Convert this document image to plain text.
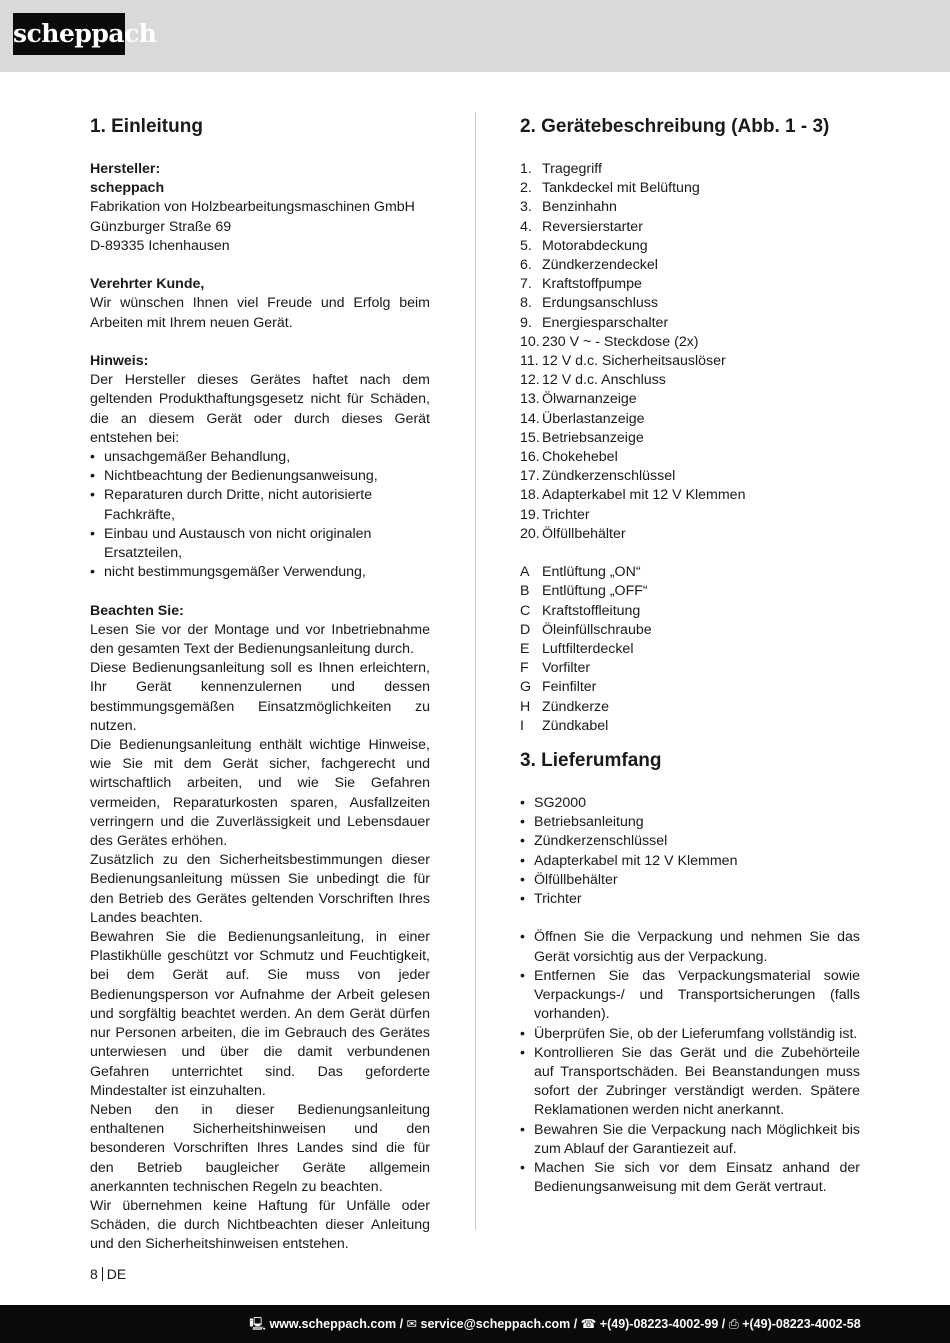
scheppach
1. Einleitung

Hersteller:

scheppach

Fabrikation von Holzbearbeitungsmaschinen GmbH

Günzburger Straße 69

D-89335 Ichenhausen

Verehrter Kunde,

Wir wünschen Ihnen viel Freude und Erfolg beim Arbeiten mit Ihrem neuen Gerät.

Hinweis:

Der Hersteller dieses Gerätes haftet nach dem geltenden Produkthaftungsgesetz nicht für Schäden, die an diesem Gerät oder durch dieses Gerät entstehen bei:

• unsachgemäßer Behandlung,
• Nichtbeachtung der Bedienungsanweisung,
• Reparaturen durch Dritte, nicht autorisierte Fachkräfte,
• Einbau und Austausch von nicht originalen Ersatzteilen,
• nicht bestimmungsgemäßer Verwendung,

Beachten Sie:

Lesen Sie vor der Montage und vor Inbetriebnahme den gesamten Text der Bedienungsanleitung durch.

Diese Bedienungsanleitung soll es Ihnen erleichtern, Ihr Gerät kennenzulernen und dessen bestimmungsgemäßen Einsatzmöglichkeiten zu nutzen.

Die Bedienungsanleitung enthält wichtige Hinweise, wie Sie mit dem Gerät sicher, fachgerecht und wirtschaftlich arbeiten, und wie Sie Gefahren vermeiden, Reparaturkosten sparen, Ausfallzeiten verringern und die Zuverlässigkeit und Lebensdauer des Gerätes erhöhen.

Zusätzlich zu den Sicherheitsbestimmungen dieser Bedienungsanleitung müssen Sie unbedingt die für den Betrieb des Gerätes geltenden Vorschriften Ihres Landes beachten.

Bewahren Sie die Bedienungsanleitung, in einer Plastikhülle geschützt vor Schmutz und Feuchtigkeit, bei dem Gerät auf. Sie muss von jeder Bedienungsperson vor Aufnahme der Arbeit gelesen und sorgfältig beachtet werden. An dem Gerät dürfen nur Personen arbeiten, die im Gebrauch des Gerätes unterwiesen und über die damit verbundenen Gefahren unterrichtet sind. Das geforderte Mindestalter ist einzuhalten.

Neben den in dieser Bedienungsanleitung enthaltenen Sicherheitshinweisen und den besonderen Vorschriften Ihres Landes sind die für den Betrieb baugleicher Geräte allgemein anerkannten technischen Regeln zu beachten.

Wir übernehmen keine Haftung für Unfälle oder Schäden, die durch Nichtbeachten dieser Anleitung und den Sicherheitshinweisen entstehen.

2. Gerätebeschreibung (Abb. 1 - 3)
1. Tragegriff
2. Tankdeckel mit Belüftung
3. Benzinhahn
4. Reversierstarter
5. Motorabdeckung
6. Zündkerzendeckel
7. Kraftstoffpumpe
8. Erdungsanschluss
9. Energiesparschalter
10. 230 V ~ - Steckdose (2x)
11. 12 V d.c. Sicherheitsauslöser
12. 12 V d.c. Anschluss
13. Ölwarnanzeige
14. Überlastanzeige
15. Betriebsanzeige
16. Chokehebel
17. Zündkerzenschlüssel
18. Adapterkabel mit 12 V Klemmen
19. Trichter
20. Ölfüllbehälter
A Entlüftung „ON“
B Entlüftung „OFF“
C Kraftstoffleitung
D Öleinfüllschraube
E Luftfilterdeckel
F Vorfilter
G Feinfilter
H Zündkerze
I	Zündkabel
3. Lieferumfang
• SG2000
• Betriebsanleitung
• Zündkerzenschlüssel
• Adapterkabel mit 12 V Klemmen
• Ölfüllbehälter
• Trichter
• Öffnen Sie die Verpackung und nehmen Sie das Gerät vorsichtig aus der Verpackung.
• Entfernen Sie das Verpackungsmaterial sowie Verpackungs-/ und Transportsicherungen (falls vorhanden).
• Überprüfen Sie, ob der Lieferumfang vollständig ist.
• Kontrollieren Sie das Gerät und die Zubehörteile auf Transportschäden. Bei Beanstandungen muss sofort der Zubringer verständigt werden. Spätere Reklamationen werden nicht anerkannt.
• Bewahren Sie die Verpackung nach Möglichkeit bis zum Ablauf der Garantiezeit auf.
• Machen Sie sich vor dem Einsatz anhand der Bedienungsanweisung mit dem Gerät vertraut.
8 DE
🖳 www.scheppach.com / ✉ service@scheppach.com / ☎ +(49)-08223-4002-99 / ⎙ +(49)-08223-4002-58
